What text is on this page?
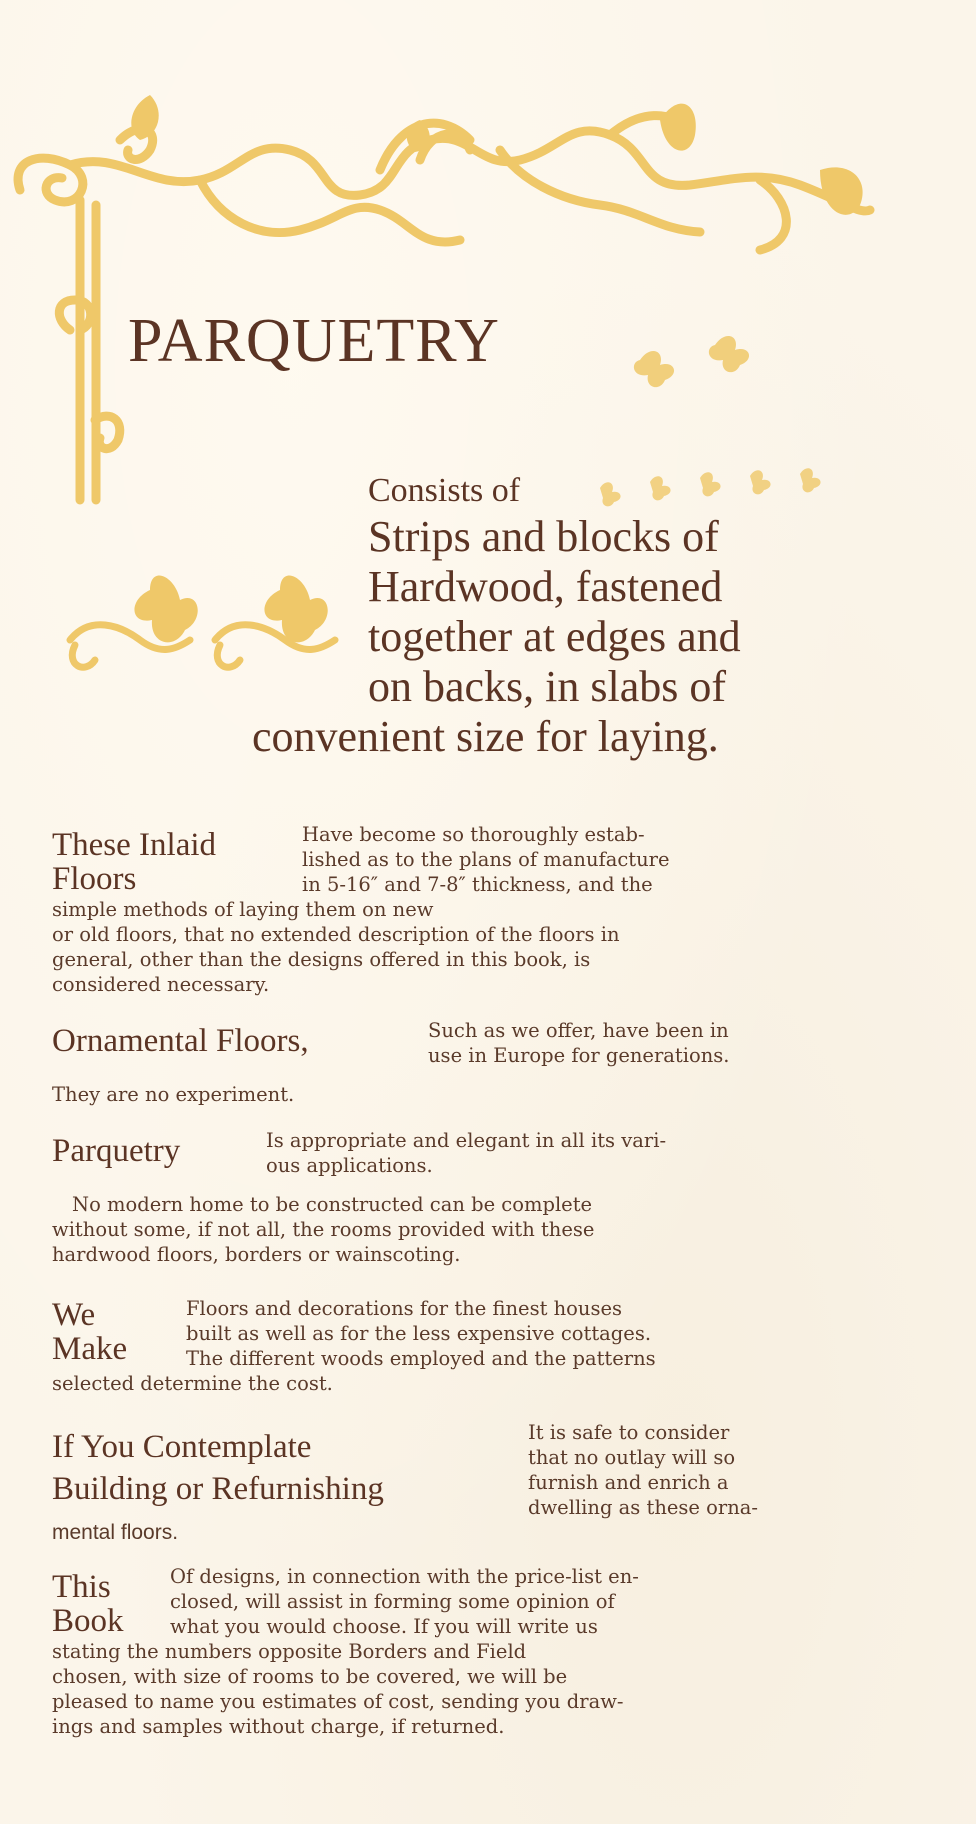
PARQUETRY
Consists of
Strips and blocks of
Hardwood, fastened
together at edges and
on backs, in slabs of
convenient size for laying.
These Inlaid
Floors

Have become so thoroughly estab-

lished as to the plans of manufacture

in 5-16″ and 7-8″ thickness, and the

simple methods of laying them on new

or old floors, that no extended description of the floors in

general, other than the designs offered in this book, is

considered necessary.

Ornamental Floors,	Such as we offer, have been in

use in Europe for generations.

They are no experiment.

Parquetry	Is appropriate and elegant in all its vari-

ous applications.

No modern home to be constructed can be complete

without some, if not all, the rooms provided with these

hardwood floors, borders or wainscoting.

We
Make

Floors and decorations for the finest houses

built as well as for the less expensive cottages.

The different woods employed and the patterns

selected determine the cost.

If You Contemplate
Building or Refurnishing

It is safe to consider

that no outlay will so

furnish and enrich a

dwelling as these orna-

mental floors.

This
Book

Of designs, in connection with the price-list en-

closed, will assist in forming some opinion of

what you would choose. If you will write us

stating the numbers opposite Borders and Field

chosen, with size of rooms to be covered, we will be

pleased to name you estimates of cost, sending you draw-

ings and samples without charge, if returned.
